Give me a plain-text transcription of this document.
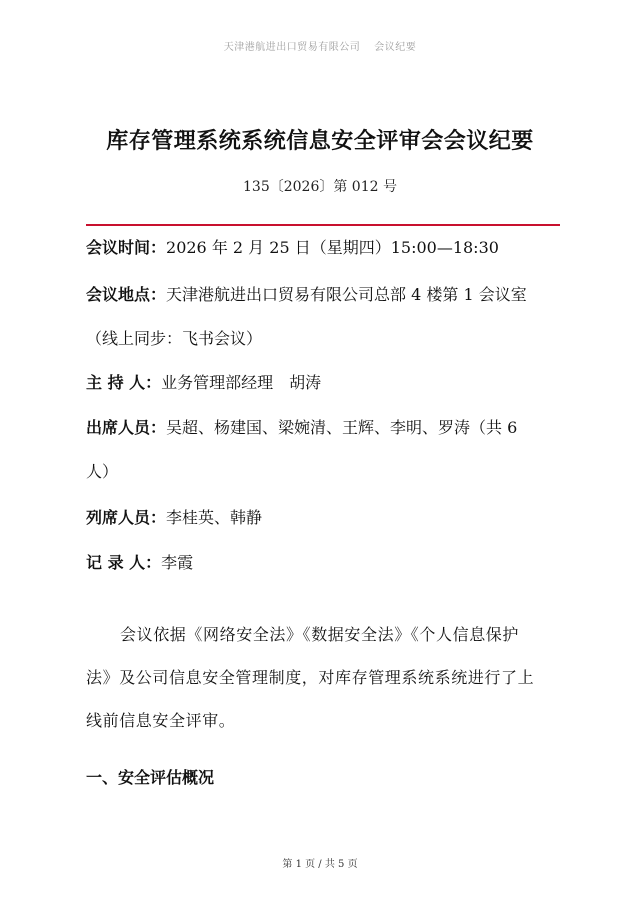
天津港航进出口贸易有限公司 会议纪要
库存管理系统系统信息安全评审会会议纪要
135〔2026〕第 012 号
会议时间：2026 年 2 月 25 日（星期四）15:00—18:30
会议地点：天津港航进出口贸易有限公司总部 4 楼第 1 会议室
（线上同步：飞书会议）
主 持 人：业务管理部经理　胡涛
出席人员：吴超、杨建国、梁婉清、王辉、李明、罗涛（共 6
人）
列席人员：李桂英、韩静
记 录 人：李霞
会议依据《网络安全法》《数据安全法》《个人信息保护
法》及公司信息安全管理制度，对库存管理系统系统进行了上
线前信息安全评审。
一、安全评估概况
第 1 页 / 共 5 页
